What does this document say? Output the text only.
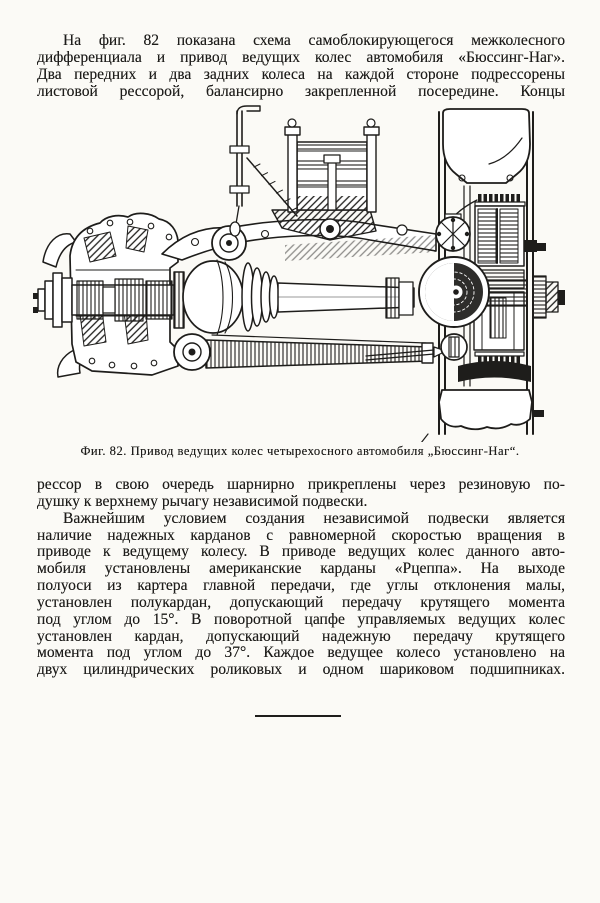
На фиг. 82 показана схема самоблокирующегося межколесного
дифференциала и привод ведущих колес автомобиля «Бюссинг-Наг».
Два передних и два задних колеса на каждой стороне подрессорены
листовой рессорой, балансирно закрепленной посередине. Концы
Фиг. 82. Привод ведущих колес четырехосного автомобиля „Бюссинг-Наг“.
рессор в свою очередь шарнирно прикреплены через резиновую по-
душку к верхнему рычагу независимой подвески.
Важнейшим условием создания независимой подвески является
наличие надежных карданов с равномерной скоростью вращения в
приводе к ведущему колесу. В приводе ведущих колес данного авто-
мобиля установлены американские карданы «Рцеппа». На выходе
полуоси из картера главной передачи, где углы отклонения малы,
установлен полукардан, допускающий передачу крутящего момента
под углом до 15°. В поворотной цапфе управляемых ведущих колес
установлен кардан, допускающий надежную передачу крутящего
момента под углом до 37°. Каждое ведущее колесо установлено на
двух цилиндрических роликовых и одном шариковом подшипниках.
